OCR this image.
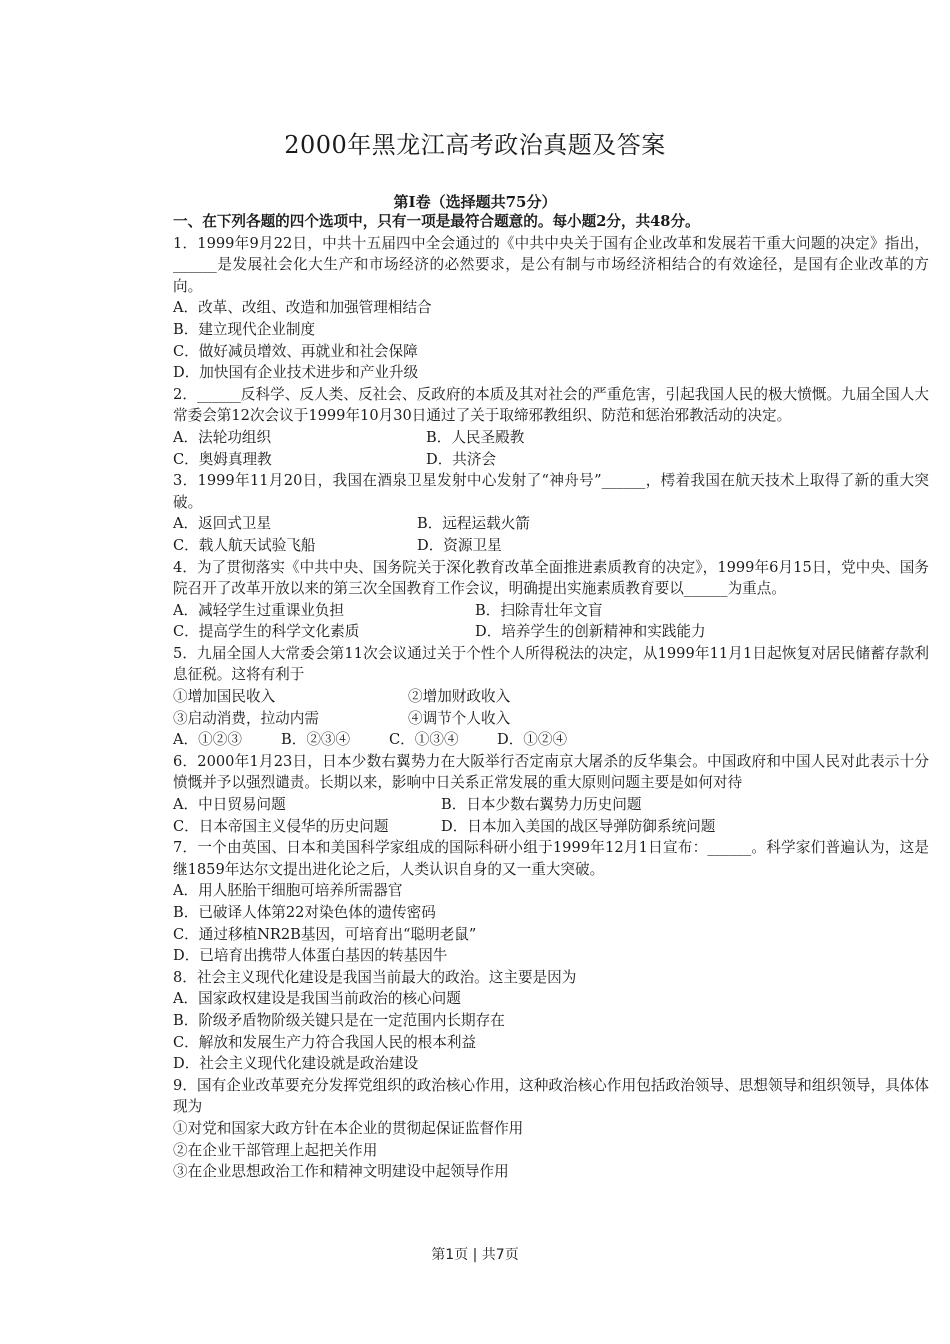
2000年黑龙江高考政治真题及答案
第Ⅰ卷（选择题共75分）

一、在下列各题的四个选项中，只有一项是最符合题意的。每小题2分，共48分。

1．1999年9月22日，中共十五届四中全会通过的《中共中央关于国有企业改革和发展若干重大问题的决定》指出，______是发展社会化大生产和市场经济的必然要求，是公有制与市场经济相结合的有效途径，是国有企业改革的方向。

A．改革、改组、改造和加强管理相结合

B．建立现代企业制度

C．做好减员增效、再就业和社会保障

D．加快国有企业技术进步和产业升级

2．______反科学、反人类、反社会、反政府的本质及其对社会的严重危害，引起我国人民的极大愤慨。九届全国人大常委会第12次会议于1999年10月30日通过了关于取缔邪教组织、防范和惩治邪教活动的决定。

A．法轮功组织	B．人民圣殿教
C．奥姆真理教	D．共济会

3．1999年11月20日，我国在酒泉卫星发射中心发射了“神舟号”______，樗着我国在航天技术上取得了新的重大突破。

A．返回式卫星	B．远程运载火箭
C．载人航天试验飞船	D．资源卫星

4．为了贯彻落实《中共中央、国务院关于深化教育改革全面推进素质教育的决定》，1999年6月15日，党中央、国务院召开了改革开放以来的第三次全国教育工作会议，明确提出实施素质教育要以______为重点。

A．减轻学生过重课业负担	B．扫除青壮年文盲
C．提高学生的科学文化素质	D．培养学生的创新精神和实践能力

5．九届全国人大常委会第11次会议通过关于个性个人所得税法的决定，从1999年11月1日起恢复对居民储蓄存款利息征税。这将有利于

①增加国民收入	②增加财政收入
③启动消费，拉动内需	④调节个人收入
A．①②③	B．②③④	C．①③④	D．①②④

6．2000年1月23日，日本少数右翼势力在大阪举行否定南京大屠杀的反华集会。中国政府和中国人民对此表示十分愤慨并予以强烈谴责。长期以来，影响中日关系正常发展的重大原则问题主要是如何对待

A．中日贸易问题	B．日本少数右翼势力历史问题
C．日本帝国主义侵华的历史问题	D．日本加入美国的战区导弹防御系统问题

7．一个由英国、日本和美国科学家组成的国际科研小组于1999年12月1日宣布：______。科学家们普遍认为，这是继1859年达尔文提出进化论之后，人类认识自身的又一重大突破。

A．用人胚胎干细胞可培养所需器官

B．已破译人体第22对染色体的遗传密码

C．通过移植NR2B基因，可培育出“聪明老鼠”

D．已培育出携带人体蛋白基因的转基因牛

8．社会主义现代化建设是我国当前最大的政治。这主要是因为

A．国家政权建设是我国当前政治的核心问题

B．阶级矛盾物阶级关键只是在一定范围内长期存在

C．解放和发展生产力符合我国人民的根本利益

D．社会主义现代化建设就是政治建设

9．国有企业改革要充分发挥党组织的政治核心作用，这种政治核心作用包括政治领导、思想领导和组织领导，具体体现为

①对党和国家大政方针在本企业的贯彻起保证监督作用

②在企业干部管理上起把关作用

③在企业思想政治工作和精神文明建设中起领导作用

第1页 | 共7页
